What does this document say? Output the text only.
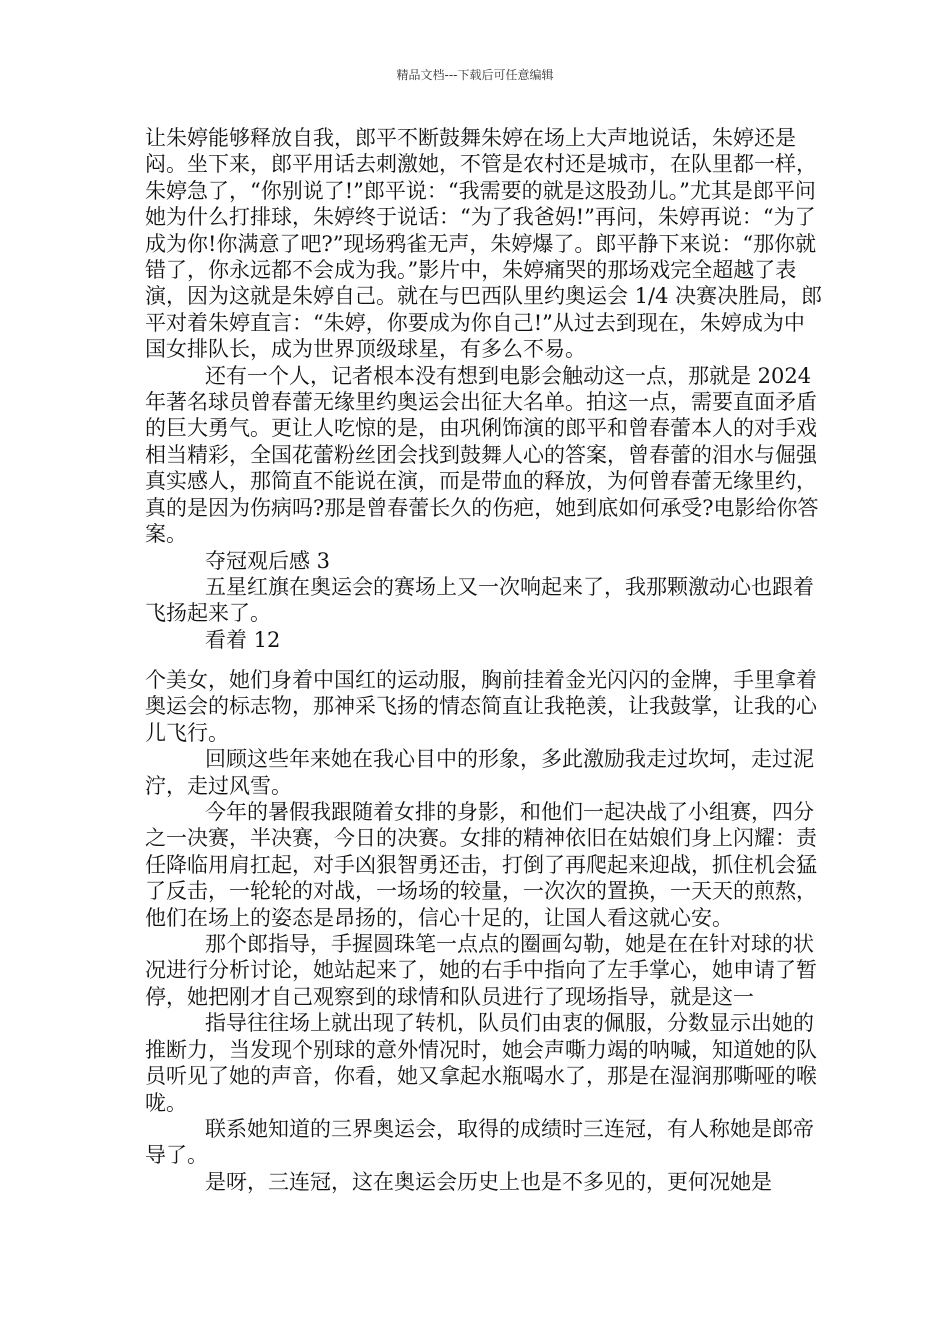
精品文档---下载后可任意编辑

让朱婷能够释放自我，郎平不断鼓舞朱婷在场上大声地说话，朱婷还是闷。坐下来，郎平用话去刺激她，不管是农村还是城市，在队里都一样，朱婷急了，“你别说了!”郎平说：“我需要的就是这股劲儿。”尤其是郎平问她为什么打排球，朱婷终于说话：“为了我爸妈!”再问，朱婷再说：“为了成为你!你满意了吧?”现场鸦雀无声，朱婷爆了。郎平静下来说：“那你就错了，你永远都不会成为我。”影片中，朱婷痛哭的那场戏完全超越了表演，因为这就是朱婷自己。就在与巴西队里约奥运会 1/4 决赛决胜局，郎平对着朱婷直言：“朱婷，你要成为你自己!”从过去到现在，朱婷成为中国女排队长，成为世界顶级球星，有多么不易。

还有一个人，记者根本没有想到电影会触动这一点，那就是 2024 年著名球员曾春蕾无缘里约奥运会出征大名单。拍这一点，需要直面矛盾的巨大勇气。更让人吃惊的是，由巩俐饰演的郎平和曾春蕾本人的对手戏相当精彩，全国花蕾粉丝团会找到鼓舞人心的答案，曾春蕾的泪水与倔强真实感人，那简直不能说在演，而是带血的释放，为何曾春蕾无缘里约，真的是因为伤病吗?那是曾春蕾长久的伤疤，她到底如何承受?电影给你答案。

夺冠观后感 3

五星红旗在奥运会的赛场上又一次响起来了，我那颗激动心也跟着飞扬起来了。

看着 12

个美女，她们身着中国红的运动服，胸前挂着金光闪闪的金牌，手里拿着奥运会的标志物，那神采飞扬的情态简直让我艳羡，让我鼓掌，让我的心儿飞行。

回顾这些年来她在我心目中的形象，多此激励我走过坎坷，走过泥泞，走过风雪。

今年的暑假我跟随着女排的身影，和他们一起决战了小组赛，四分之一决赛，半决赛，今日的决赛。女排的精神依旧在姑娘们身上闪耀：责任降临用肩扛起，对手凶狠智勇还击，打倒了再爬起来迎战，抓住机会猛了反击，一轮轮的对战，一场场的较量，一次次的置换，一天天的煎熬，他们在场上的姿态是昂扬的，信心十足的，让国人看这就心安。

那个郎指导，手握圆珠笔一点点的圈画勾勒，她是在在针对球的状况进行分析讨论，她站起来了，她的右手中指向了左手掌心，她申请了暂停，她把刚才自己观察到的球情和队员进行了现场指导，就是这一

指导往往场上就出现了转机，队员们由衷的佩服，分数显示出她的推断力，当发现个别球的意外情况时，她会声嘶力竭的呐喊，知道她的队员听见了她的声音，你看，她又拿起水瓶喝水了，那是在湿润那嘶哑的喉咙。

联系她知道的三界奥运会，取得的成绩时三连冠，有人称她是郎帝导了。

是呀，三连冠，这在奥运会历史上也是不多见的，更何况她是
